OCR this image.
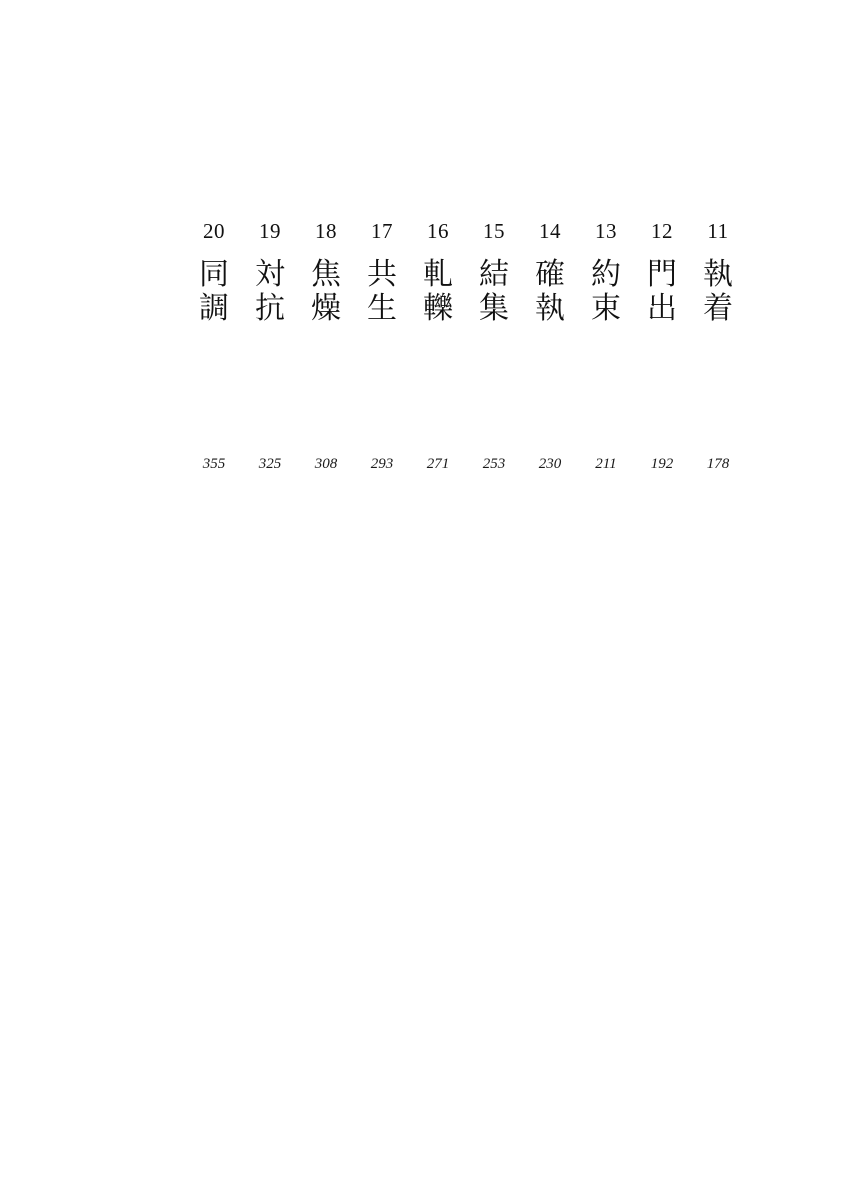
20	19	18	17	16	15	14	13	12	11
同 対 焦 共 軋 結 確 約 門 執
調 抗 燥 生 轢 集 執 束 出 着
355	325	308	293	271	253	230	211	192	178
